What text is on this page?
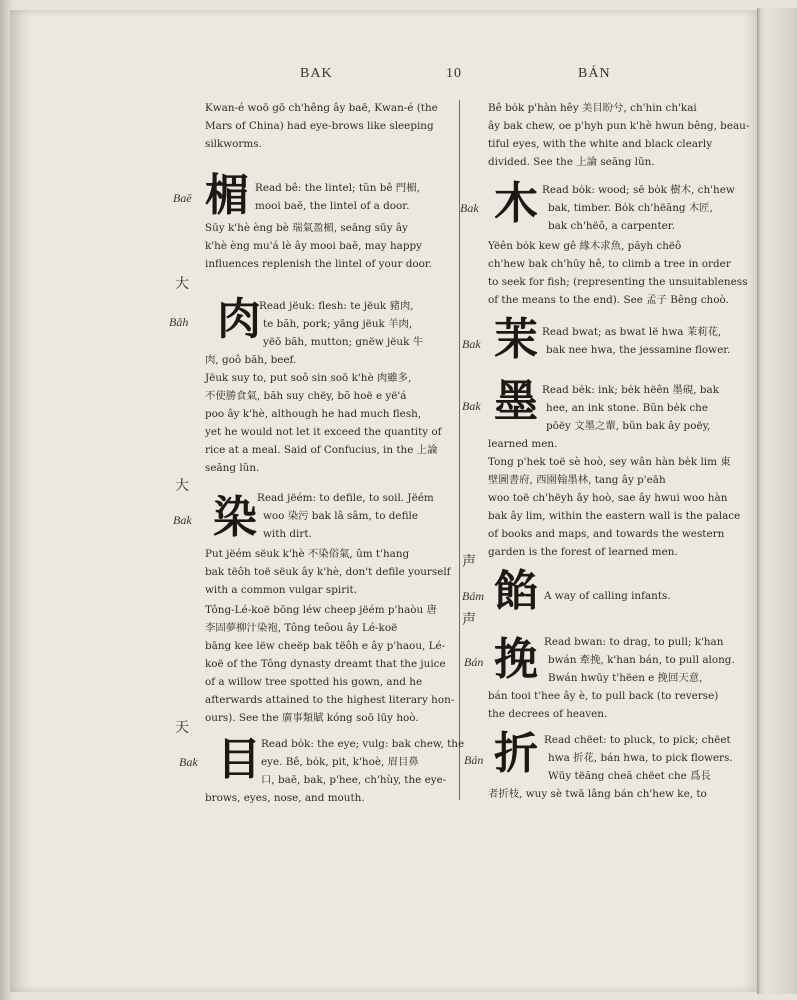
BAK	10	BÁN
Kwan-é woō gō ch'hêng ây baē, Kwan-é (the
Mars of China) had eye-brows like sleeping
silkworms.
Baē 楣 Read bê: the lintel; tŭn bê 門楣,
mooi baē, the lintel of a door.
Sūy k'hè èng bè 瑞氣盈楣, seāng sūy ây
k'hè èng mu'á lè ây mooi baē, may happy
influences replenish the lintel of your door.
大
Băh 肉
Read jëuk: flesh: te jëuk 豬肉,
te băh, pork; yāng jëuk 羊肉,
yëō băh, mutton; gnëw jëuk 牛
肉, goô băh, beef.
Jëuk suy to, put soô sin soō k'hè 肉雖多,
不使勝食氣, băh suy chëy, bŏ hoë e yë'á
poo ây k'hè, although he had much flesh,
yet he would not let it exceed the quantity of
rice at a meal. Said of Confucius, in the 上論
seăng lŭn.
大
Bak 染 Read jëém: to defile, to soil. Jëém
woo 染污 bak lâ sâm, to defile
with dirt.
Put jëém sëuk k'hè 不染俗氣, ûm t'hang
bak tëôh toë sëuk ây k'hè, don't defile yourself
with a common vulgar spirit.
Tông-Lé-koë bōng léw cheep jëém p'haòu 唐
李固夢柳汁染袍, Tông teôou ây Lé-koë
bāng kee lëw cheëp bak tëôh e ây p'haou, Lé-
koë of the Tông dynasty dreamt that the juice
of a willow tree spotted his gown, and he
afterwards attained to the highest literary hon-
ours). See the 廣事類賦 kóng soō lūy hoò.
天
Bak 目 Read bo̍k: the eye; vulg: bak chew, the
eye. Bê, bo̍k, pit, k'hoè, 眉目鼻
口, baē, bak, p'hee, ch'hùy, the eye-
brows, eyes, nose, and mouth.
Bê bo̍k p'hàn hêy 美目盼兮, ch'hin ch'kai
ây bak chew, oe p'hyh pun k'hè hwun bêng, beau-
tiful eyes, with the white and black clearly
divided. See the 上論 seăng lŭn.
Bak 木 Read bo̍k: wood; sē bo̍k 樹木, ch'hew
bak, timber. Bo̍k ch'hëăng 木匠,
bak ch'hëô, a carpenter.
Yëên bo̍k kew gê 緣木求魚, păyh chëô
ch'hew bak ch'hūy hê, to climb a tree in order
to seek for fish; (representing the unsuitableness
of the means to the end). See 孟子 Bêng choò.
Bak 茉 Read bwat; as bwat lë hwa 茉莉花,
bak nee hwa, the jessamine flower.
Bak 墨 Read be̍k: ink; be̍k hëên 墨硯, bak
hee, an ink stone. Bŭn be̍k che
pōëy 文墨之輩, bŭn bak ây poëy,
learned men.
Tong p'hek toë sè hoò, sey wân hàn be̍k lim 東
壁圖書府, 西園翰墨林, tang ây p'eāh
woo toë ch'hëyh ây hoò, sae ây hwui woo hàn
bak ây lim, within the eastern wall is the palace
of books and maps, and towards the western
garden is the forest of learned men.
声
Bám 餡 A way of calling infants.
声
Bán 挽 Read bwan: to drag, to pull; k'han
bwán 牽挽, k'han bán, to pull along.
Bwán hwūy t'hëen e 挽回天意,
bán tooi t'hee ây è, to pull back (to reverse)
the decrees of heaven.
Bán 折 Read chëet: to pluck, to pick; chëet
hwa 折花, bán hwa, to pick flowers.
Wūy tëăng cheă chëet che 爲長
者折枝, wuy sè twā lâng bán ch'hew ke, to
